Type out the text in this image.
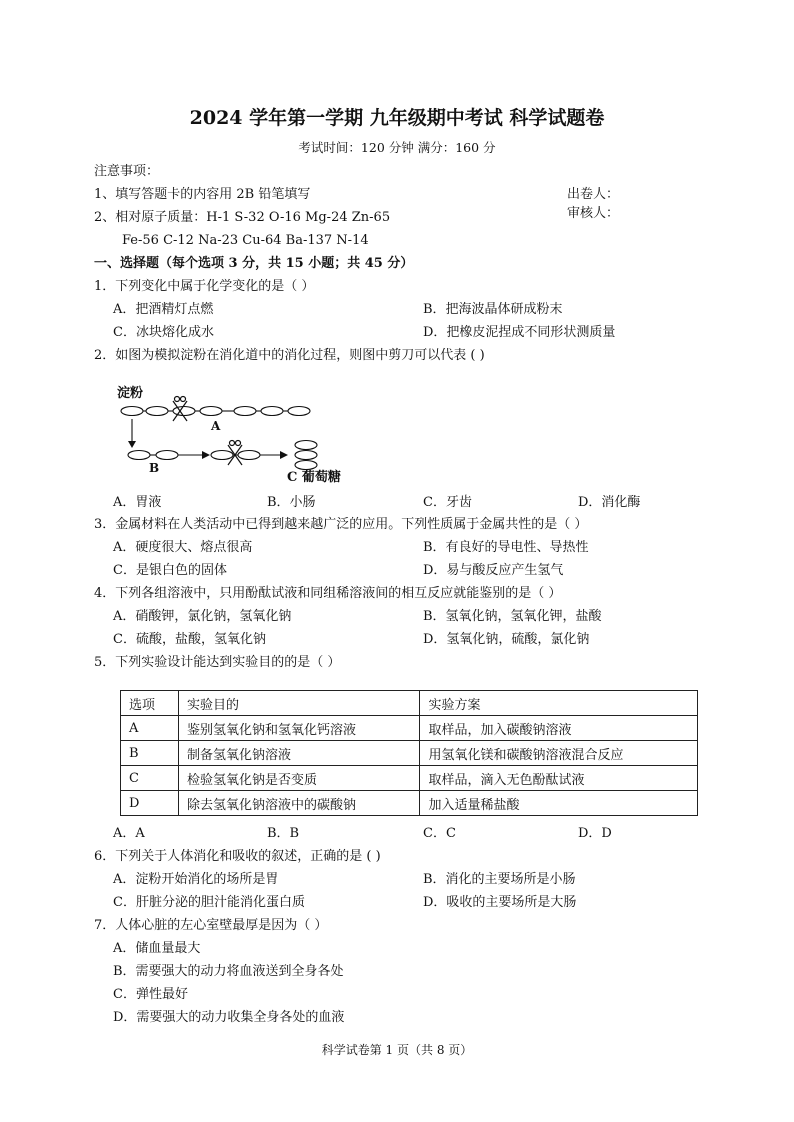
2024 学年第一学期 九年级期中考试 科学试题卷
考试时间：120 分钟 满分：160 分
注意事项：
1、填写答题卡的内容用 2B 铅笔填写
2、相对原子质量：H-1 S-32 O-16 Mg-24 Zn-65
Fe-56 C-12 Na-23 Cu-64 Ba-137 N-14
出卷人：
审核人：
一、选择题（每个选项 3 分，共 15 小题；共 45 分）
1．下列变化中属于化学变化的是（ ）
A．把酒精灯点燃	B．把海波晶体研成粉末
C．冰块熔化成水	D．把橡皮泥捏成不同形状测质量
2．如图为模拟淀粉在消化道中的消化过程，则图中剪刀可以代表 ( )
淀粉
A
B
C 葡萄糖
A．胃液	B．小肠	C．牙齿	D．消化酶
3．金属材料在人类活动中已得到越来越广泛的应用。下列性质属于金属共性的是（ ）
A．硬度很大、熔点很高	B．有良好的导电性、导热性
C．是银白色的固体	D．易与酸反应产生氢气
4．下列各组溶液中，只用酚酞试液和同组稀溶液间的相互反应就能鉴别的是（ ）
A．硝酸钾，氯化钠，氢氧化钠	B．氢氧化钠，氢氧化钾，盐酸
C．硫酸，盐酸，氢氧化钠	D．氢氧化钠，硫酸，氯化钠
5．下列实验设计能达到实验目的的是（ ）
选项	实验目的	实验方案
A	鉴别氢氧化钠和氢氧化钙溶液	取样品，加入碳酸钠溶液
B	制备氢氧化钠溶液	用氢氧化镁和碳酸钠溶液混合反应
C	检验氢氧化钠是否变质	取样品，滴入无色酚酞试液
D	除去氢氧化钠溶液中的碳酸钠	加入适量稀盐酸
A．A	B．B	C．C	D．D
6．下列关于人体消化和吸收的叙述，正确的是 ( )
A．淀粉开始消化的场所是胃	B．消化的主要场所是小肠
C．肝脏分泌的胆汁能消化蛋白质	D．吸收的主要场所是大肠
7．人体心脏的左心室壁最厚是因为（ ）
A．储血量最大
B．需要强大的动力将血液送到全身各处
C．弹性最好
D．需要强大的动力收集全身各处的血液
科学试卷第 1 页（共 8 页）
